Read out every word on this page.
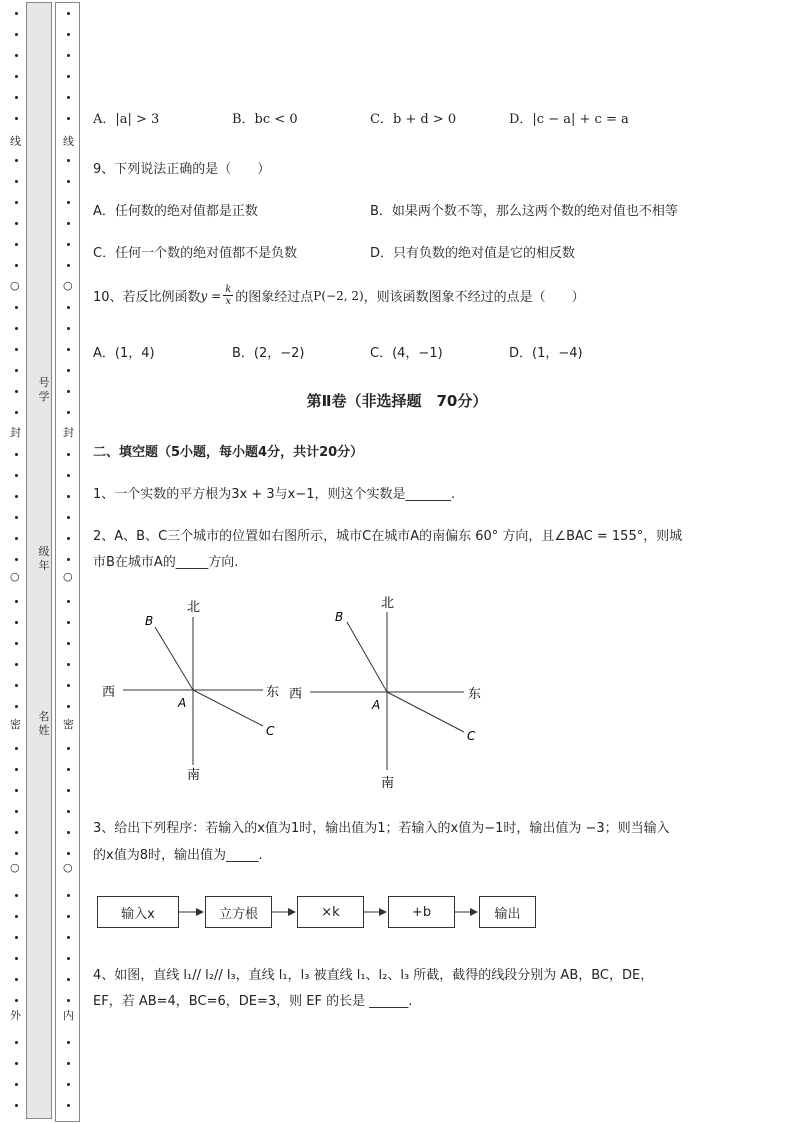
线
○
封
○
密
○
外
线
○
封
○
密
○
内
号学
级年
名姓
A．|a| > 3	B．bc < 0	C．b + d > 0	D．|c − a| + c = a
9、下列说法正确的是（　　）
A．任何数的绝对值都是正数	B．如果两个数不等，那么这两个数的绝对值也不相等
C．任何一个数的绝对值都不是负数	D．只有负数的绝对值是它的相反数
10、若反比例函数 $y = \frac{k}{x}$ 的图象经过点 P(−2, 2) ，则该函数图象不经过的点是（　　）
A．(1，4)	B．(2，−2)	C．(4，−1)	D．(1，−4)
第Ⅱ卷（非选择题　70分）
二、填空题（5小题，每小题4分，共计20分）
1、一个实数的平方根为3x + 3与x−1，则这个实数是_______.
2、A、B、C三个城市的位置如右图所示，城市C在城市A的南偏东 60° 方向，且∠BAC = 155°，则城
市B在城市A的_____方向.
北
南
西	东
A
B
C
北
南
西	东
A
B
C
3、给出下列程序：若输入的x值为1时，输出值为1；若输入的x值为−1时，输出值为 −3；则当输入
的x值为8时，输出值为_____.
输入x	立方根	×k	+b	输出
4、如图，直线 l₁// l₂// l₃，直线 l₁，l₃ 被直线 l₁、l₂、l₃ 所截，截得的线段分别为 AB，BC，DE，
EF，若 AB=4，BC=6，DE=3，则 EF 的长是 ______.
